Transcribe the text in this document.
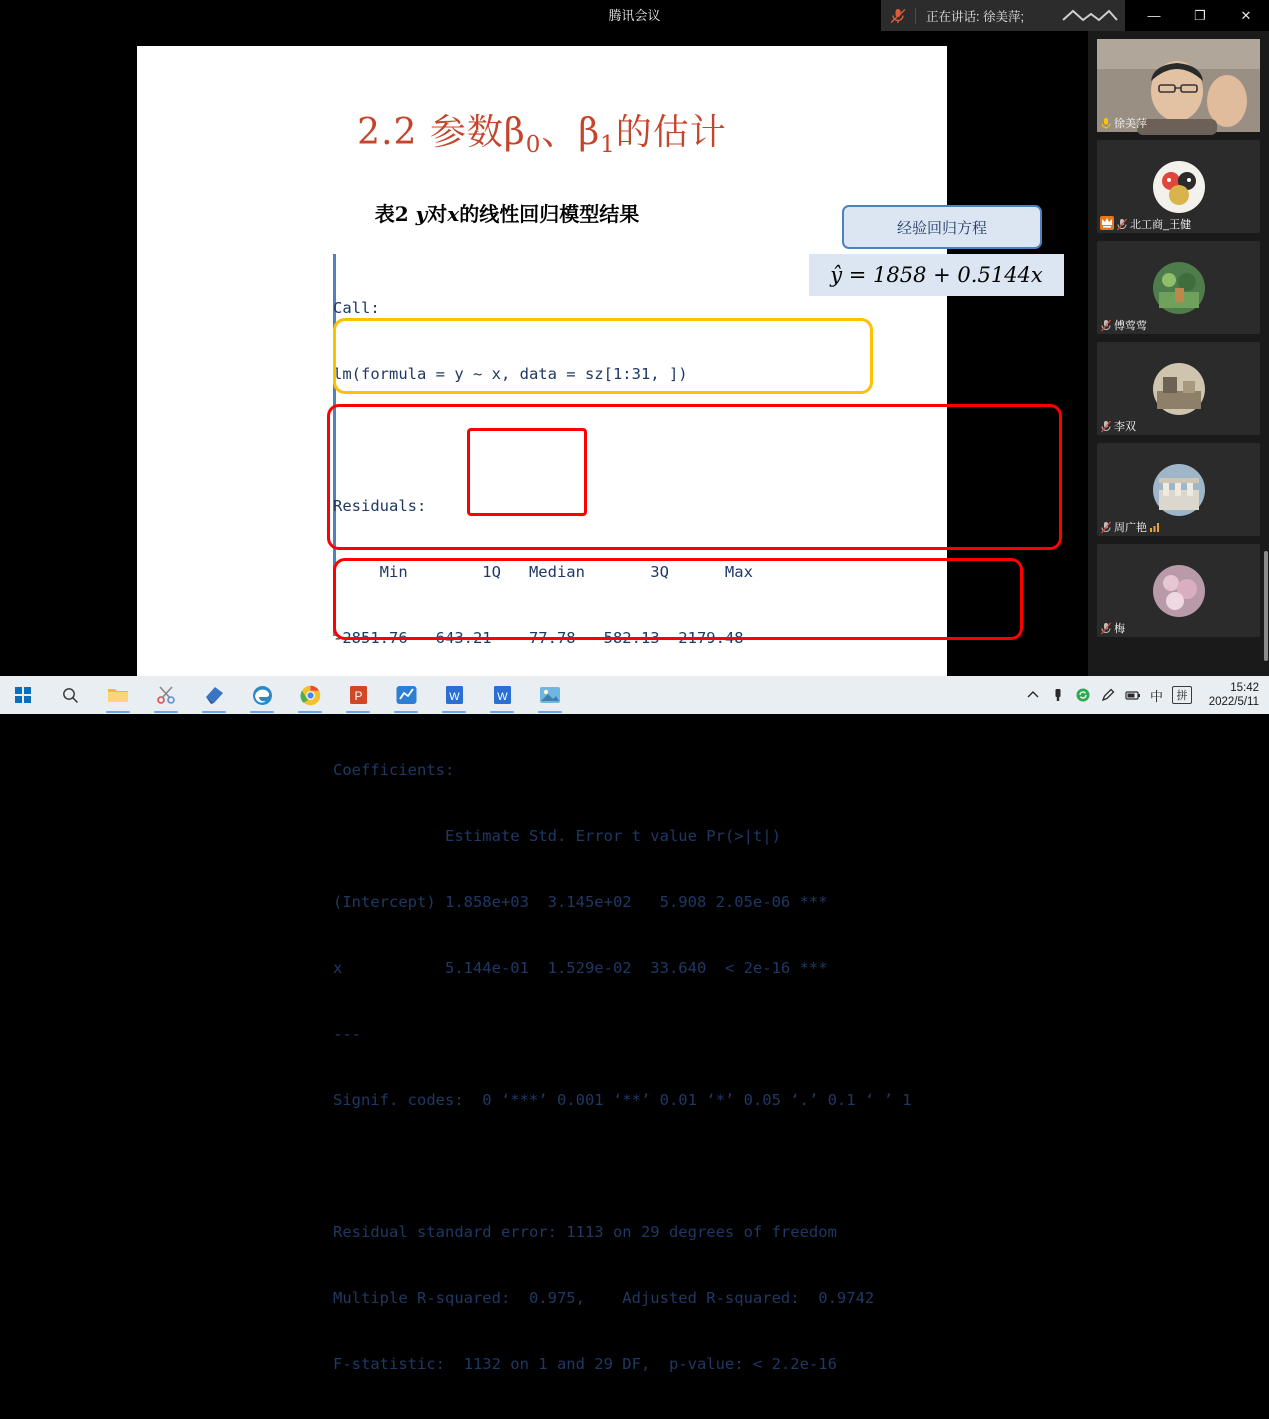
腾讯会议	正在讲话: 徐美萍;	—	❐	✕
2.2 参数$\beta_0$、$\beta_1$的估计
表2 y对x的线性回归模型结果
经验回归方程
ŷ = 1858 + 0.5144x

Call:

lm(formula = y ~ x, data = sz[1:31, ])

Residuals:

Min        1Q   Median       3Q      Max

-2851.76  -643.21   -77.78   582.13  2179.48

Coefficients:

Estimate Std. Error t value Pr(>|t|)

(Intercept) 1.858e+03  3.145e+02   5.908 2.05e-06 ***

x           5.144e-01  1.529e-02  33.640  < 2e-16 ***

---

Signif. codes:  0 ‘***’ 0.001 ‘**’ 0.01 ‘*’ 0.05 ‘.’ 0.1 ‘ ’ 1

Residual standard error: 1113 on 29 degrees of freedom

Multiple R-squared:  0.975,    Adjusted R-squared:  0.9742

F-statistic:  1132 on 1 and 29 DF,  p-value: < 2.2e-16

徐美萍
北工商_王健
傅莺莺
李双
周广艳
梅
P	W	W	中	拼
15:42
2022/5/11
